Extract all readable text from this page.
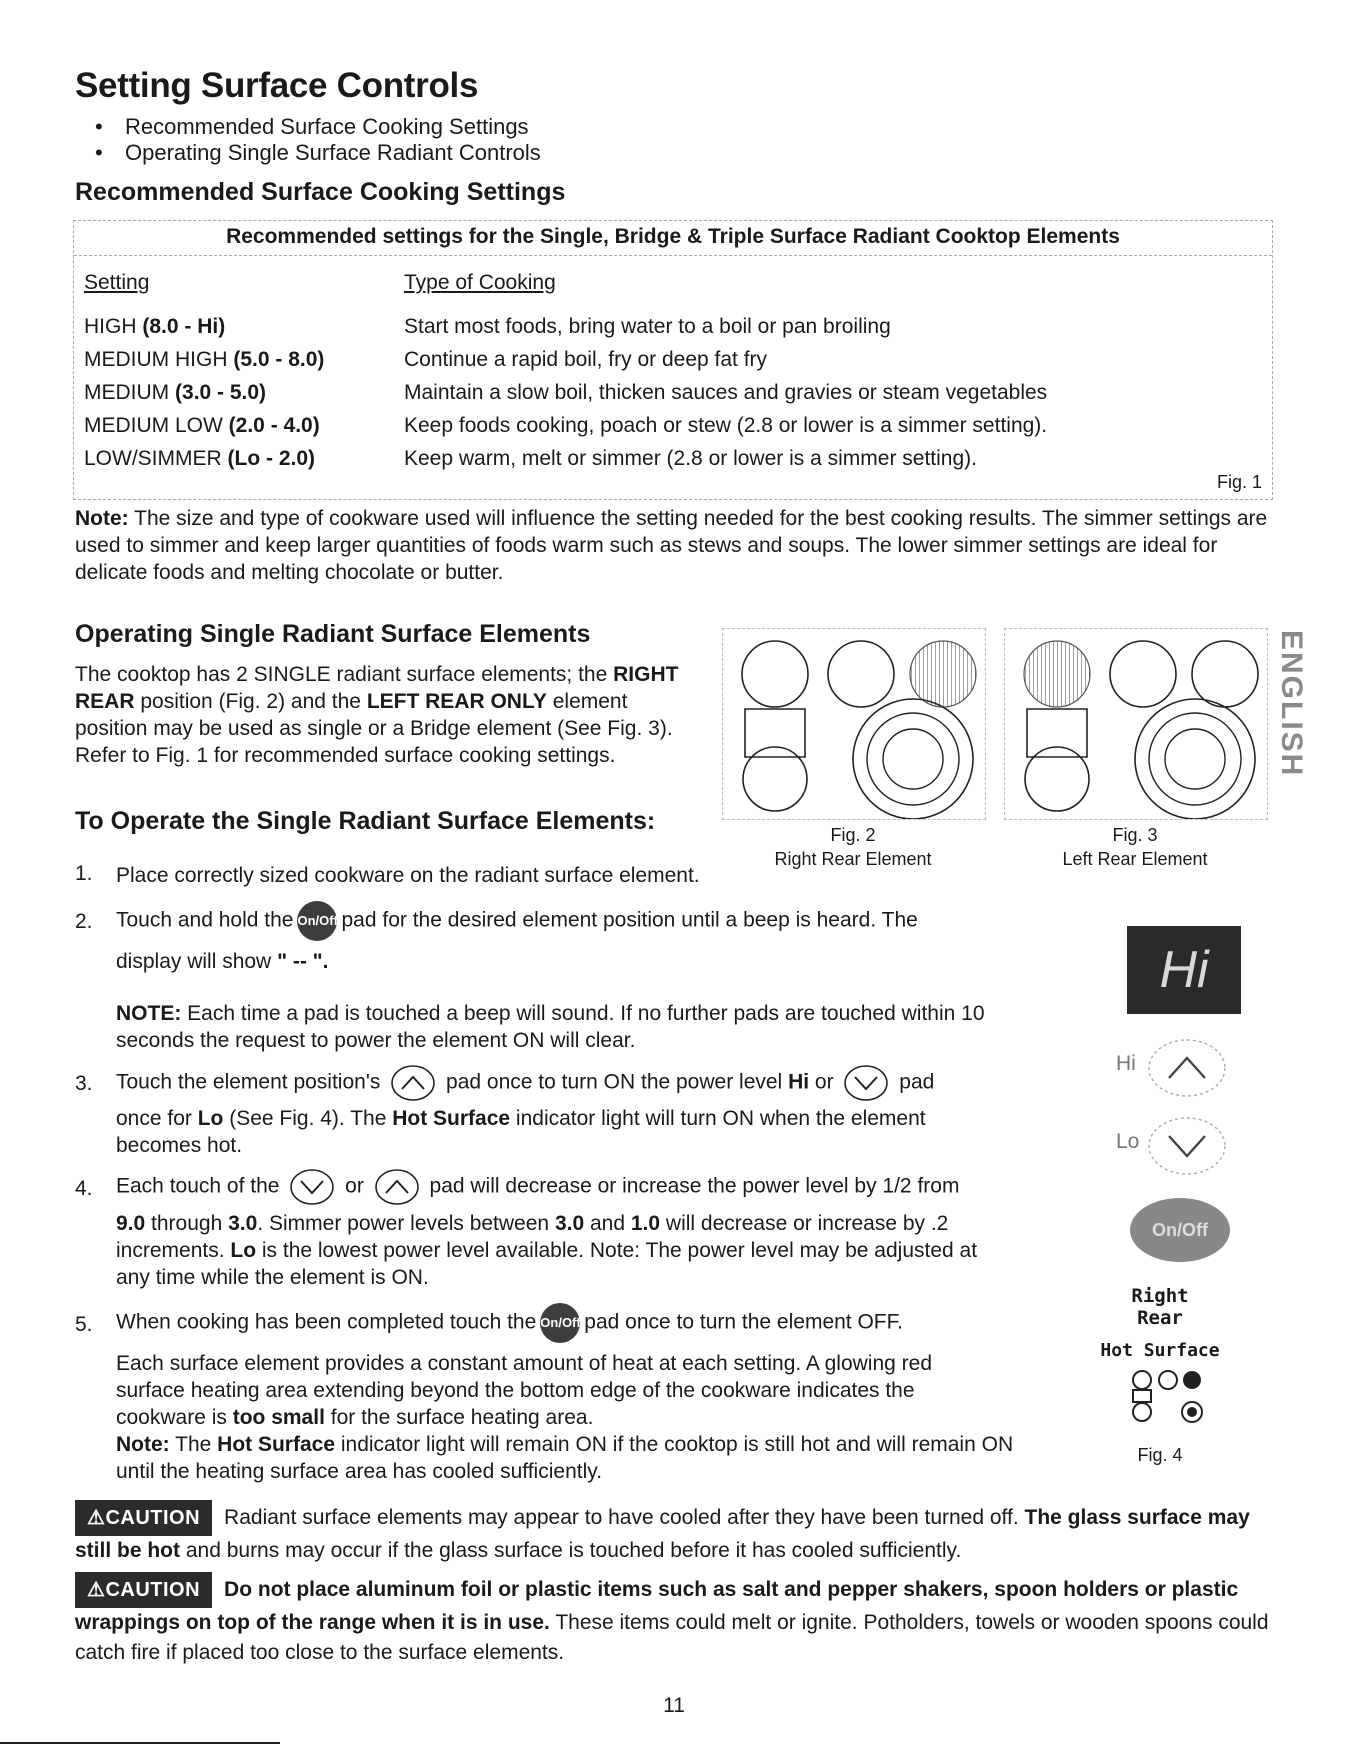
Setting Surface Controls
• Recommended Surface Cooking Settings
• Operating Single Surface Radiant Controls
Recommended Surface Cooking Settings
Recommended settings for the Single, Bridge & Triple Surface Radiant Cooktop Elements
Setting	Type of Cooking
HIGH (8.0 - Hi)	Start most foods, bring water to a boil or pan broiling
MEDIUM HIGH (5.0 - 8.0)	Continue a rapid boil, fry or deep fat fry
MEDIUM (3.0 - 5.0)	Maintain a slow boil, thicken sauces and gravies or steam vegetables
MEDIUM LOW (2.0 - 4.0)	Keep foods cooking, poach or stew (2.8 or lower is a simmer setting).
LOW/SIMMER (Lo - 2.0)	Keep warm, melt or simmer (2.8 or lower is a simmer setting).
Fig. 1
Note: The size and type of cookware used will influence the setting needed for the best cooking results. The simmer settings are used to simmer and keep larger quantities of foods warm such as stews and soups. The lower simmer settings are ideal for delicate foods and melting chocolate or butter.
Operating Single Radiant Surface Elements
The cooktop has 2 SINGLE radiant surface elements; the RIGHT REAR position (Fig. 2) and the LEFT REAR ONLY element position may be used as single or a Bridge element (See Fig. 3). Refer to Fig. 1 for recommended surface cooking settings.
Fig. 2
Right Rear Element
Fig. 3
Left Rear Element
ENGLISH
To Operate the Single Radiant Surface Elements:
1. Place correctly sized cookware on the radiant surface element.
2. Touch and hold the On/Off pad for the desired element position until a beep is heard. The
display will show " -- ".
NOTE: Each time a pad is touched a beep will sound. If no further pads are touched within 10 seconds the request to power the element ON will clear.
3. Touch the element position's	pad once to turn ON the power level Hi or	pad
once for Lo (See Fig. 4). The Hot Surface indicator light will turn ON when the element becomes hot.
4. Each touch of the	or	pad will decrease or increase the power level by 1/2 from
9.0 through 3.0. Simmer power levels between 3.0 and 1.0 will decrease or increase by .2 increments. Lo is the lowest power level available. Note: The power level may be adjusted at any time while the element is ON.
5. When cooking has been completed touch the On/Off pad once to turn the element OFF.
Each surface element provides a constant amount of heat at each setting. A glowing red surface heating area extending beyond the bottom edge of the cookware indicates the cookware is too small for the surface heating area.
Note: The Hot Surface indicator light will remain ON if the cooktop is still hot and will remain ON until the heating surface area has cooled sufficiently.
Hi
Hi
Lo
On/Off
Right
Rear
Hot Surface
Fig. 4
⚠CAUTION Radiant surface elements may appear to have cooled after they have been turned off. The glass surface may still be hot and burns may occur if the glass surface is touched before it has cooled sufficiently.
⚠CAUTION Do not place aluminum foil or plastic items such as salt and pepper shakers, spoon holders or plastic wrappings on top of the range when it is in use. These items could melt or ignite. Potholders, towels or wooden spoons could catch fire if placed too close to the surface elements.
11
